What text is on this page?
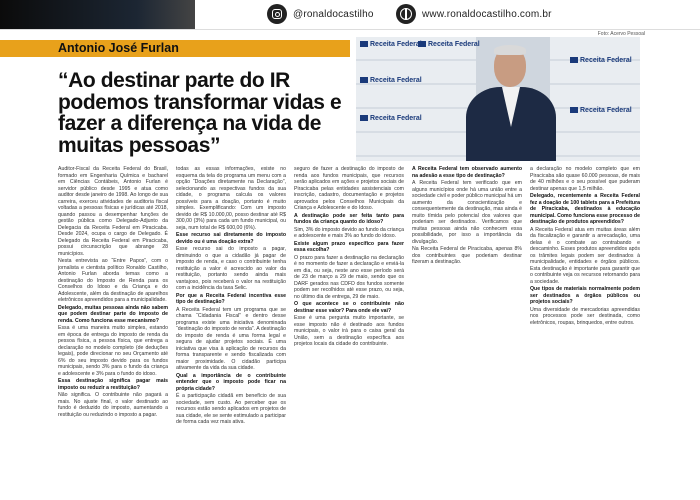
@ronaldocastilho	www.ronaldocastilho.com.br
Foto: Acervo Pessoal
Antonio José Furlan
“Ao destinar parte do IR podemos transformar vidas e fazer a diferença na vida de muitas pessoas”
Receita Federal Receita Federal
Receita Federal
Receita Federal
Receita Federal
Receita Federal

Auditor-Fiscal da Receita Federal do Brasil, formado em Engenharia Química e bacharel em Ciências Contábeis, Antonio Furlan é servidor público desde 1995 e atua como auditor desde janeiro de 1998. Ao longo de sua carreira, exerceu atividades de auditoria fiscal voltadas a pessoas físicas e jurídicas até 2018, quando passou a desempenhar funções de gestão pública como Delegado-Adjunto da Delegacia da Receita Federal em Piracicaba. Desde 2024, ocupa o cargo de Delegado. É Delegado da Receita Federal em Piracicaba, possui circunscrição que abrange 28 municípios.

Nesta entrevista ao “Entre Papos”, com o jornalista e cientista político Ronaldo Castilho, Antonio Furlan aborda temas como a destinação do Imposto de Renda para os Conselhos do Idoso e da Criança e do Adolescente, além da destinação de aparelhos eletrônicos apreendidos para a municipalidade.

Delegado, muitas pessoas ainda não sabem que podem destinar parte do imposto de renda. Como funciona esse mecanismo?

Essa é uma maneira muito simples, estando em época de entrega do imposto de renda da pessoa física, a pessoa física, que entrega a declaração no modelo completo (de deduções legais), pode direcionar no seu Orçamento até 6% do seu imposto devido para os fundos municipais, sendo 3% para o fundo da criança e adolescente e 3% para o fundo do idoso.

Essa destinação significa pagar mais imposto ou reduzir a restituição?

Não significa. O contribuinte não pagará a mais. No ajuste final, o valor destinado ao fundo é deduzido do imposto, aumentando a restituição ou reduzindo o imposto a pagar.

todas as essas informações, existe no esquema da tela do programa um menu com a opção “Doações diretamente na Declaração”, selecionando as respectivas fundos da sua cidade, o programa calcula os valores possíveis para a doação, portanto é muito simples. Exemplificando: Com um imposto devido de R$ 10.000,00, posso destinar até R$ 300,00 (3%) para cada um fundo municipal, ou seja, num total de R$ 600,00 (6%).

Esse recurso sai diretamente do imposto devido ou é uma doação extra?

Esse recurso sai do imposto a pagar, diminuindo o que a cidadão já pagar de imposto de renda, e caso o contribuinte tenha restituição a valor é acrescido ao valor da restituição, portanto sendo ainda mais vantajoso, pois receberá o valor na restituição com a incidência da taxa Selic.

Por que a Receita Federal incentiva esse tipo de destinação?

A Receita Federal tem um programa que se chama “Cidadania Fiscal” e dentro desse programa existe uma iniciativa denominada “destinação do imposto de renda”. A destinação do imposto de renda é uma forma legal e segura de ajudar projetos sociais. É uma iniciativa que visa à aplicação de recursos da forma transparente e sendo fiscalizada com maior proximidade. O cidadão participa ativamente da vida da sua cidade.

Qual a importância de o contribuinte entender que o imposto pode ficar na própria cidade?

É a participação cidadã em benefício de sua sociedade, sem custo. Ao perceber que os recursos estão sendo aplicados em projetos de sua cidade, ele se sente estimulado a participar de forma cada vez mais ativa.

seguro de fazer a destinação do imposto de renda aos fundos municipais, que recursos serão aplicados em ações e projetos sociais de Piracicaba pelas entidades assistenciais com inscrição, cadastro, documentação e projetos aprovados pelos Conselhos Municipais da Criança e Adolescente e do Idoso.

A destinação pode ser feita tanto para fundos da criança quanto do idoso?

Sim, 3% do imposto devido ao fundo da criança e adolescente e mais 3% ao fundo do idoso.

Existe algum prazo específico para fazer essa escolha?

O prazo para fazer a destinação na declaração é no momento de fazer a declaração e enviá-la em dia, ou seja, neste ano esse período será de 23 de março a 29 de maio, sendo que os DARF gerados nas CDFD dos fundos somente podem ser recolhidos até esse prazo, ou seja, no último dia de entrega, 29 de maio.

O que acontece se o contribuinte não destinar esse valor? Para onde ele vai?

Esse é uma pergunta muito importante, se esse imposto não é destinado aos fundos municipais, o valor irá para o caixa geral da União, sem a destinação específica aos projetos locais da cidade do contribuinte.

A Receita Federal tem observado aumento na adesão a esse tipo de destinação?

A Receita Federal tem verificado que em alguns municípios onde há uma união entre a sociedade civil e poder público municipal há um aumento da conscientização e consequentemente da destinação, mas ainda é muito tímida pelo potencial dos valores que poderiam ser destinados. Verificamos que muitas pessoas ainda não conhecem essa possibilidade, por isso a importância da divulgação.

Na Receita Federal de Piracicaba, apenas 8% dos contribuintes que poderiam destinar fizeram a destinação.

a declaração no modelo completo que em Piracicaba são quase 60.000 pessoas, de mais de 40 milhões e o seu possível que puderam destinar apenas que 1,5 milhão.

Delegado, recentemente a Receita Federal fez a doação de 100 tablets para a Prefeitura de Piracicaba, destinados à educação municipal. Como funciona esse processo de destinação de produtos apreendidos?

A Receita Federal atua em muitas áreas além da fiscalização e garantir a arrecadação, uma delas é o combate ao contrabando e descaminho. Esses produtos apreendidos após os trâmites legais podem ser destinados à municipalidade, entidades e órgãos públicos. Esta destinação é importante para garantir que o contribuinte veja os recursos retornando para a sociedade.

Que tipos de materiais normalmente podem ser destinados a órgãos públicos ou projetos sociais?

Uma diversidade de mercadorias apreendidas nos processos pode ser destinada, como eletrônicos, roupas, brinquedos, entre outros.
